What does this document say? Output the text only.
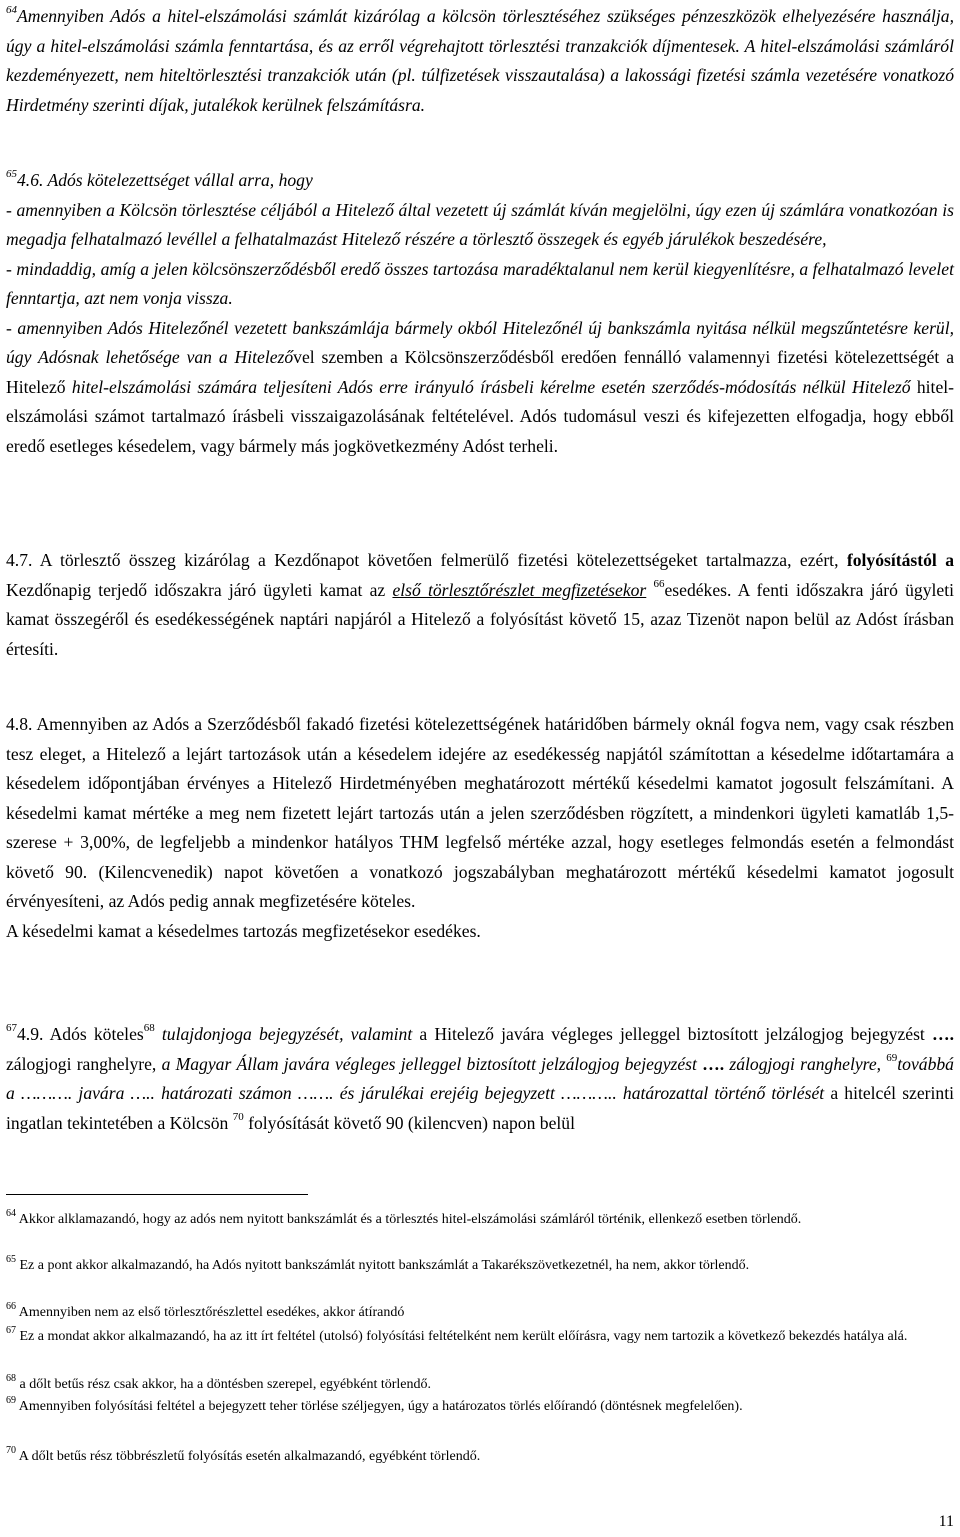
$^{64}$Amennyiben Adós a hitel-elszámolási számlát kizárólag a kölcsön törlesztéséhez szükséges pénzeszközök elhelyezésére használja, úgy a hitel-elszámolási számla fenntartása, és az erről végrehajtott törlesztési tranzakciók díjmentesek. A hitel-elszámolási számláról kezdeményezett, nem hiteltörlesztési tranzakciók után (pl. túlfizetések visszautalása) a lakossági fizetési számla vezetésére vonatkozó Hirdetmény szerinti díjak, jutalékok kerülnek felszámításra.

$^{65}$4.6. Adós kötelezettséget vállal arra, hogy
- amennyiben a Kölcsön törlesztése céljából a Hitelező által vezetett új számlát kíván megjelölni, úgy ezen új számlára vonatkozóan is megadja felhatalmazó levéllel a felhatalmazást Hitelező részére a törlesztő összegek és egyéb járulékok beszedésére,
- mindaddig, amíg a jelen kölcsönszerződésből eredő összes tartozása maradéktalanul nem kerül kiegyenlítésre, a felhatalmazó levelet fenntartja, azt nem vonja vissza.
- amennyiben Adós Hitelezőnél vezetett bankszámlája bármely okból Hitelezőnél új bankszámla nyitása nélkül megszűntetésre kerül, úgy Adósnak lehetősége van a Hitelezővel szemben a Kölcsönszerződésből eredően fennálló valamennyi fizetési kötelezettségét a Hitelező hitel-elszámolási számára teljesíteni Adós erre irányuló írásbeli kérelme esetén szerződés-módosítás nélkül Hitelező hitel-elszámolási számot tartalmazó írásbeli visszaigazolásának feltételével. Adós tudomásul veszi és kifejezetten elfogadja, hogy ebből eredő esetleges késedelem, vagy bármely más jogkövetkezmény Adóst terheli.

4.7. A törlesztő összeg kizárólag a Kezdőnapot követően felmerülő fizetési kötelezettségeket tartalmazza, ezért, folyósítástól a Kezdőnapig terjedő időszakra járó ügyleti kamat az első törlesztőrészlet megfizetésekor $^{66}$esedékes. A fenti időszakra járó ügyleti kamat összegéről és esedékességének naptári napjáról a Hitelező a folyósítást követő 15, azaz Tizenöt napon belül az Adóst írásban értesíti.

4.8. Amennyiben az Adós a Szerződésből fakadó fizetési kötelezettségének határidőben bármely oknál fogva nem, vagy csak részben tesz eleget, a Hitelező a lejárt tartozások után a késedelem idejére az esedékesség napjától számítottan a késedelme időtartamára a késedelem időpontjában érvényes a Hitelező Hirdetményében meghatározott mértékű késedelmi kamatot jogosult felszámítani. A késedelmi kamat mértéke a meg nem fizetett lejárt tartozás után a jelen szerződésben rögzített, a mindenkori ügyleti kamatláb 1,5-szerese + 3,00%, de legfeljebb a mindenkor hatályos THM legfelső mértéke azzal, hogy esetleges felmondás esetén a felmondást követő 90. (Kilencvenedik) napot követően a vonatkozó jogszabályban meghatározott mértékű késedelmi kamatot jogosult érvényesíteni, az Adós pedig annak megfizetésére köteles.
A késedelmi kamat a késedelmes tartozás megfizetésekor esedékes.

$^{67}$4.9. Adós köteles$^{68}$ tulajdonjoga bejegyzését, valamint a Hitelező javára végleges jelleggel biztosított jelzálogjog bejegyzést …. zálogjogi ranghelyre, a Magyar Állam javára végleges jelleggel biztosított jelzálogjog bejegyzést …. zálogjogi ranghelyre, $^{69}$továbbá a ………. javára ….. határozati számon ……. és járulékai erejéig bejegyzett ……….. határozattal történő törlését a hitelcél szerinti ingatlan tekintetében a Kölcsön $^{70}$ folyósítását követő 90 (kilencven) napon belül

$^{64}$ Akkor alklamazandó, hogy az adós nem nyitott bankszámlát és a törlesztés hitel-elszámolási számláról történik, ellenkező esetben törlendő.

$^{65}$ Ez a pont akkor alkalmazandó, ha Adós nyitott bankszámlát nyitott bankszámlát a Takarékszövetkezetnél, ha nem, akkor törlendő.

$^{66}$ Amennyiben nem az első törlesztőrészlettel esedékes, akkor átírandó

$^{67}$ Ez a mondat akkor alkalmazandó, ha az itt írt feltétel (utolsó) folyósítási feltételként nem került előírásra, vagy nem tartozik a következő bekezdés hatálya alá.

$^{68}$ a dőlt betűs rész csak akkor, ha a döntésben szerepel, egyébként törlendő.

$^{69}$ Amennyiben folyósítási feltétel a bejegyzett teher törlése széljegyen, úgy a határozatos törlés előírandó (döntésnek megfelelően).

$^{70}$ A dőlt betűs rész többrészletű folyósítás esetén alkalmazandó, egyébként törlendő.

11
